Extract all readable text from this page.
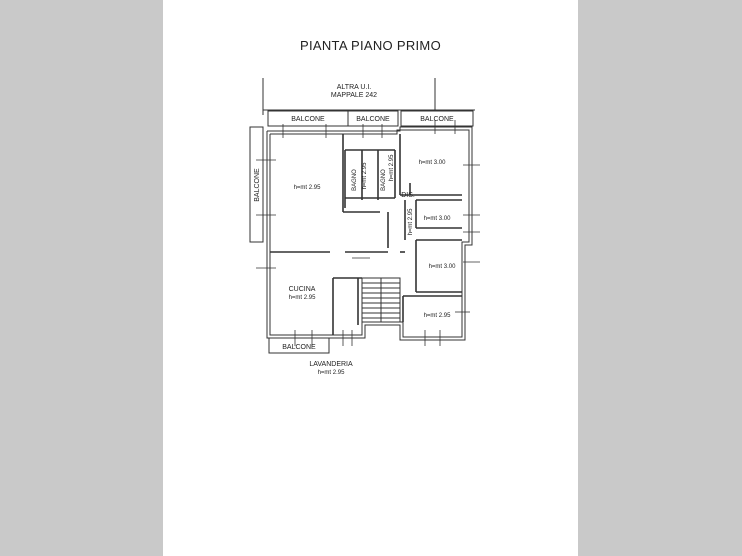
PIANTA PIANO PRIMO
ALTRA U.I.
MAPPALE 242
BALCONE	BALCONE	BALCONE
BALCONE
BALCONE
h=mt 2.95	BAGNO h=mt 2.95 BAGNO h=mt 2.95	h=mt 3.00
h=mt 3.00
h=mt 3.00
DIS.
h=mt 2.95
CUCINA
h=mt 2.95
h=mt 2.95
LAVANDERIA
h=mt 2.95
